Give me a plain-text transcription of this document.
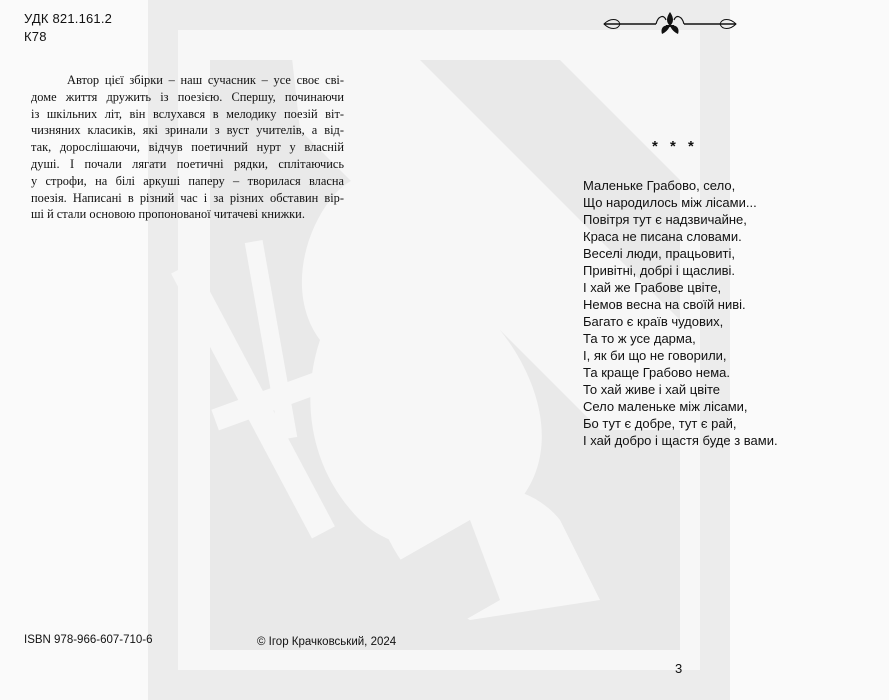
УДК 821.161.2
К78
Автор цієї збірки – наш сучасник – усе своє сві-
доме життя дружить із поезією. Спершу, починаючи
із шкільних літ, він вслухався в мелодику поезій віт-
чизняних класиків, які зринали з вуст учителів, а від-
так, дорослішаючи, відчув поетичний нурт у власній
душі. І почали лягати поетичні рядки, сплітаючись
у строфи, на білі аркуші паперу – творилася власна
поезія. Написані в різний час і за різних обставин вір-
ші й стали основою пропонованої читачеві книжки.
* * *
Маленьке Грабово, село,
Що народилось між лісами...
Повітря тут є надзвичайне,
Краса не писана словами.
Веселі люди, працьовиті,
Привітні, добрі і щасливі.
І хай же Грабове цвіте,
Немов весна на своїй ниві.
Багато є країв чудових,
Та то ж усе дарма,
І, як би що не говорили,
Та краще Грабово нема.
То хай живе і хай цвіте
Село маленьке між лісами,
Бо тут є добре, тут є рай,
І хай добро і щастя буде з вами.
ISBN 978-966-607-710-6	© Ігор Крачковський, 2024
3
